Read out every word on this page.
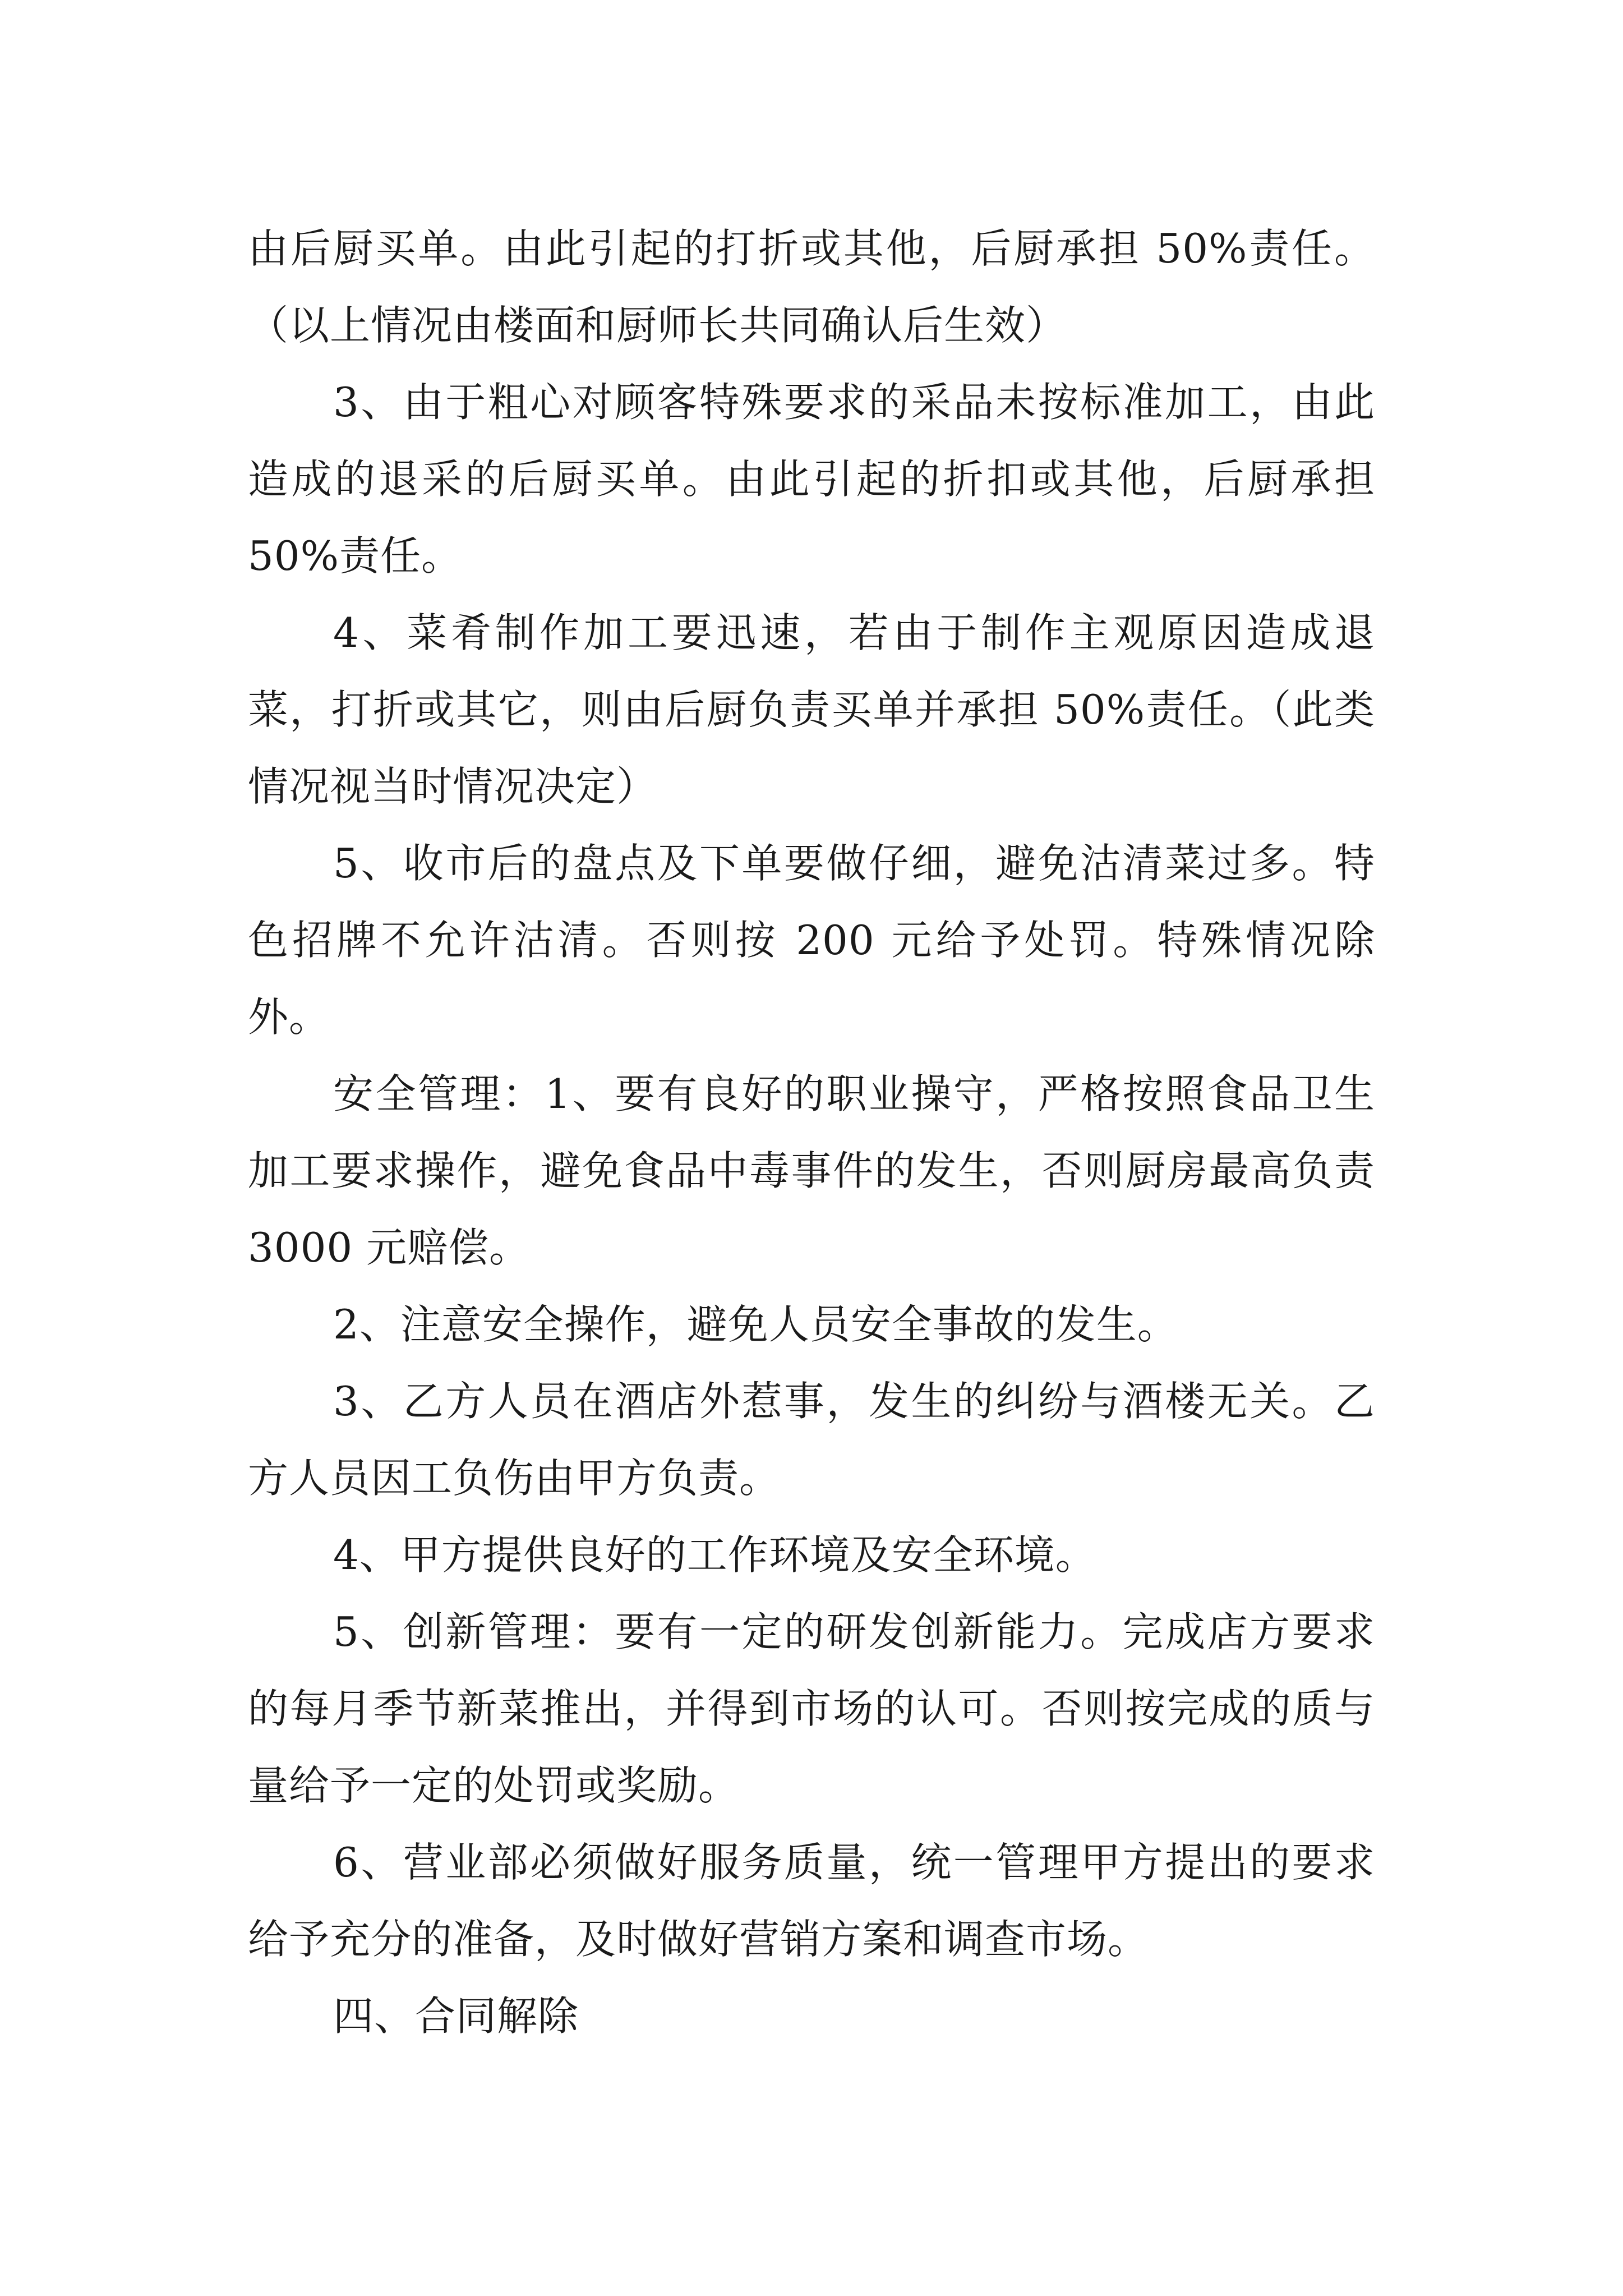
由后厨买单。由此引起的打折或其他，后厨承担 50%责任。（以上情况由楼面和厨师长共同确认后生效）

3、由于粗心对顾客特殊要求的采品未按标准加工，由此造成的退采的后厨买单。由此引起的折扣或其他，后厨承担 50%责任。

4、菜肴制作加工要迅速，若由于制作主观原因造成退菜，打折或其它，则由后厨负责买单并承担 50%责任。（此类情况视当时情况决定）

5、收市后的盘点及下单要做仔细，避免沽清菜过多。特色招牌不允许沽清。否则按 200 元给予处罚。特殊情况除外。

安全管理：1、要有良好的职业操守，严格按照食品卫生加工要求操作，避免食品中毒事件的发生，否则厨房最高负责 3000 元赔偿。

2、注意安全操作，避免人员安全事故的发生。

3、乙方人员在酒店外惹事，发生的纠纷与酒楼无关。乙方人员因工负伤由甲方负责。

4、甲方提供良好的工作环境及安全环境。

5、创新管理：要有一定的研发创新能力。完成店方要求的每月季节新菜推出，并得到市场的认可。否则按完成的质与量给予一定的处罚或奖励。

6、营业部必须做好服务质量，统一管理甲方提出的要求给予充分的准备，及时做好营销方案和调查市场。

四、合同解除
